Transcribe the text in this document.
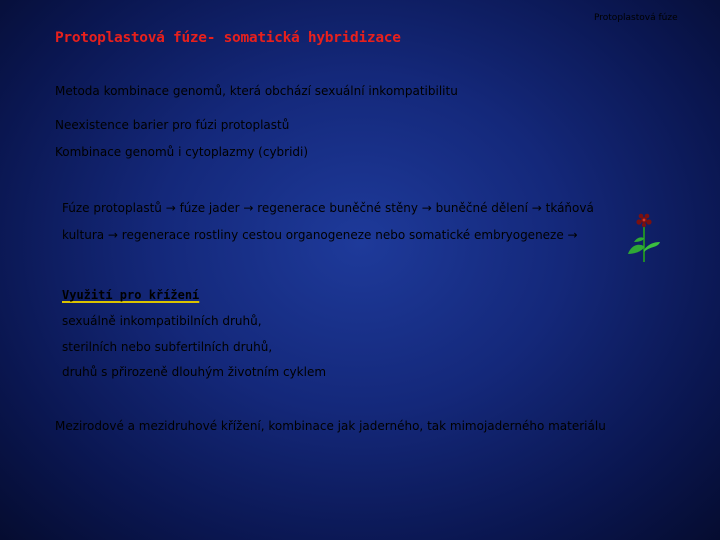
Protoplastová fúze
Protoplastová fúze- somatická hybridizace
Metoda kombinace genomů, která obchází sexuální inkompatibilitu
Neexistence barier pro fúzi protoplastů
Kombinace genomů i cytoplazmy (cybridi)
Fúze protoplastů → fúze jader → regenerace buněčné stěny → buněčné dělení → tkáňová kultura → regenerace rostliny cestou organogeneze nebo somatické embryogeneze →
Využití pro křížení
sexuálně inkompatibilních druhů,
sterilních nebo subfertilních druhů,
druhů s přirozeně dlouhým životním cyklem
Mezirodové a mezidruhové křížení, kombinace jak jaderného, tak mimojaderného materiálu
